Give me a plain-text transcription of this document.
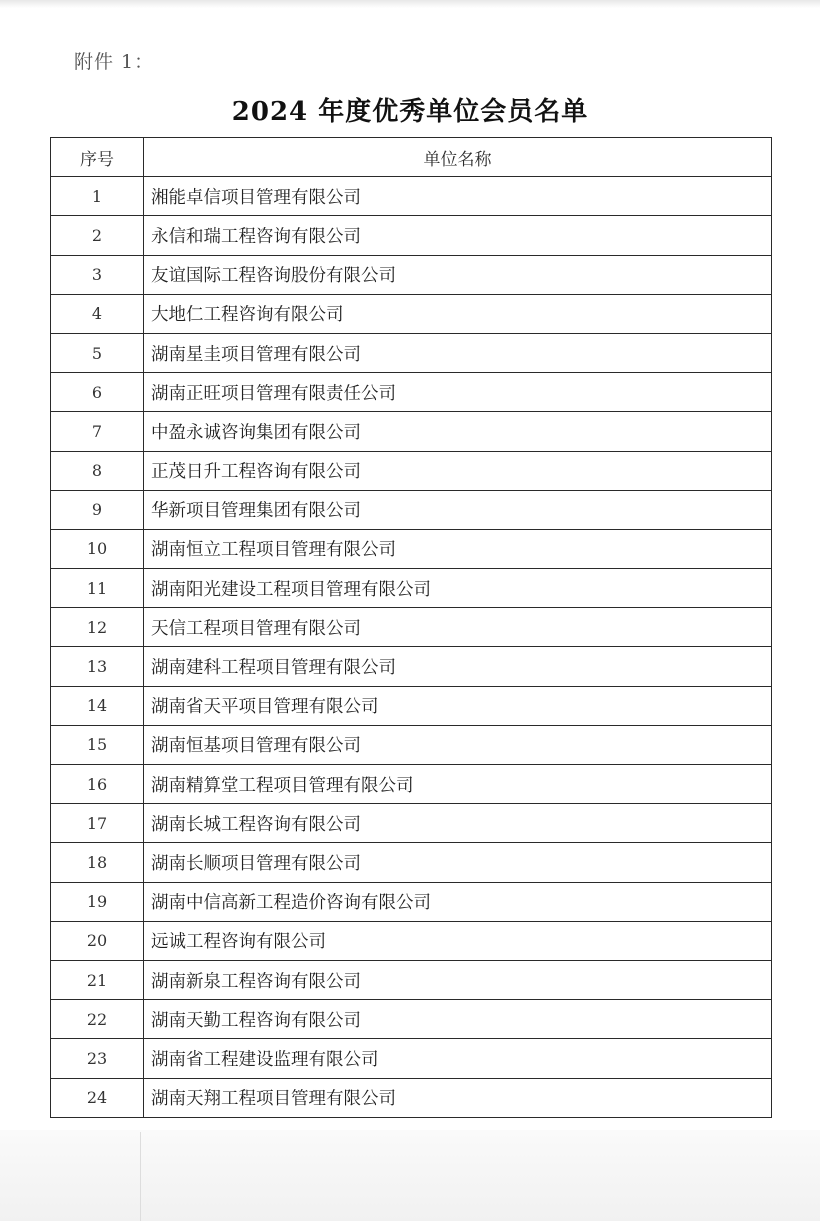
附件 1：
2024 年度优秀单位会员名单
序号	单位名称
1	湘能卓信项目管理有限公司
2	永信和瑞工程咨询有限公司
3	友谊国际工程咨询股份有限公司
4	大地仁工程咨询有限公司
5	湖南星圭项目管理有限公司
6	湖南正旺项目管理有限责任公司
7	中盈永诚咨询集团有限公司
8	正茂日升工程咨询有限公司
9	华新项目管理集团有限公司
10	湖南恒立工程项目管理有限公司
11	湖南阳光建设工程项目管理有限公司
12	天信工程项目管理有限公司
13	湖南建科工程项目管理有限公司
14	湖南省天平项目管理有限公司
15	湖南恒基项目管理有限公司
16	湖南精算堂工程项目管理有限公司
17	湖南长城工程咨询有限公司
18	湖南长顺项目管理有限公司
19	湖南中信高新工程造价咨询有限公司
20	远诚工程咨询有限公司
21	湖南新泉工程咨询有限公司
22	湖南天勤工程咨询有限公司
23	湖南省工程建设监理有限公司
24	湖南天翔工程项目管理有限公司
